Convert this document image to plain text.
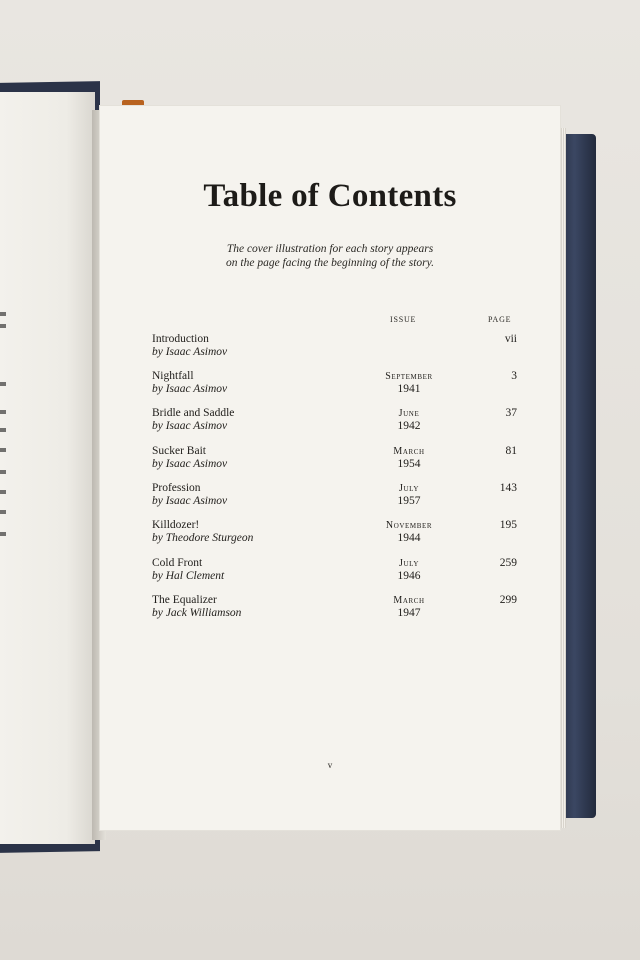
Table of Contents
The cover illustration for each story appears
on the page facing the beginning of the story.
ISSUE	PAGE
Introduction
by Isaac Asimov
vii
Nightfall
by Isaac Asimov
September
1941
3
Bridle and Saddle
by Isaac Asimov
June
1942
37
Sucker Bait
by Isaac Asimov
March
1954
81
Profession
by Isaac Asimov
July
1957
143
Killdozer!
by Theodore Sturgeon
November
1944
195
Cold Front
by Hal Clement
July
1946
259
The Equalizer
by Jack Williamson
March
1947
299
v
